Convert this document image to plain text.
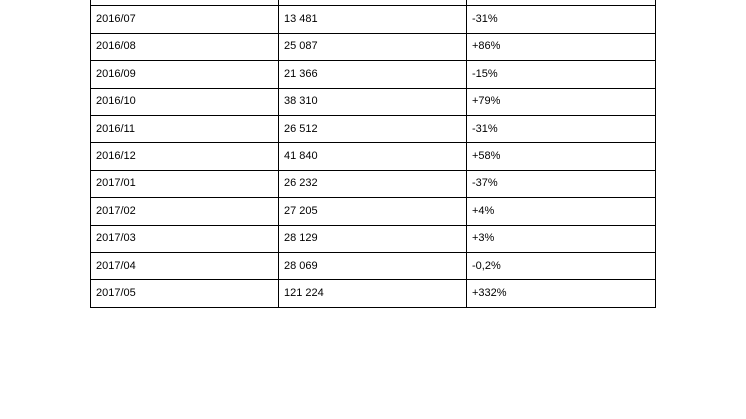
2016/07	13 481	-31%
2016/08	25 087	+86%
2016/09	21 366	-15%
2016/10	38 310	+79%
2016/11	26 512	-31%
2016/12	41 840	+58%
2017/01	26 232	-37%
2017/02	27 205	+4%
2017/03	28 129	+3%
2017/04	28 069	-0,2%
2017/05	121 224	+332%
